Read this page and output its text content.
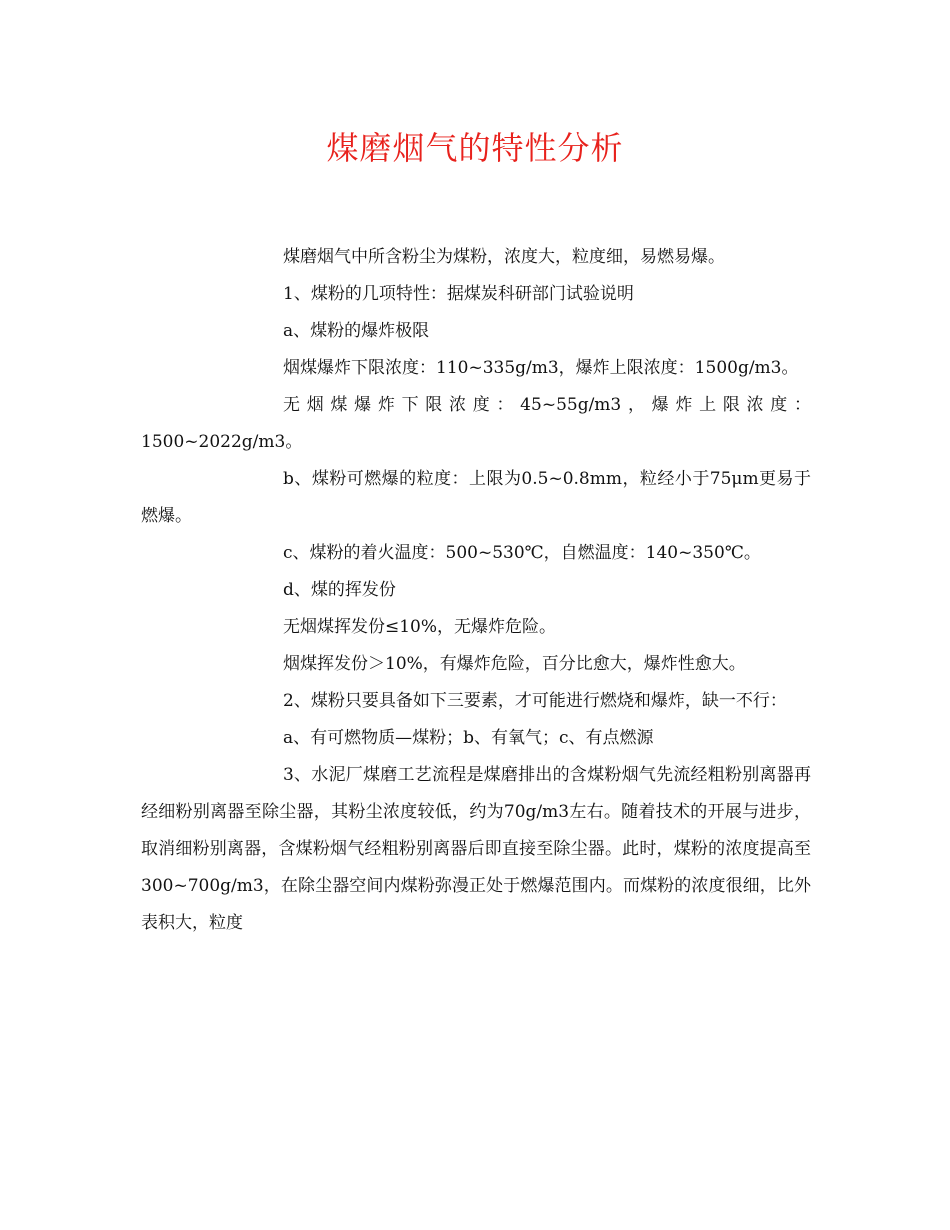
煤磨烟气的特性分析

煤磨烟气中所含粉尘为煤粉，浓度大，粒度细，易燃易爆。

1、煤粉的几项特性：据煤炭科研部门试验说明

a、煤粉的爆炸极限

烟煤爆炸下限浓度：110~335g/m3，爆炸上限浓度：1500g/m3。

无烟煤爆炸下限浓度：45~55g/m3，爆炸上限浓度：1500~2022g/m3。

b、煤粉可燃爆的粒度：上限为0.5~0.8mm，粒经小于75μm更易于燃爆。

c、煤粉的着火温度：500~530℃，自燃温度：140~350℃。

d、煤的挥发份

无烟煤挥发份≤10%，无爆炸危险。

烟煤挥发份＞10%，有爆炸危险，百分比愈大，爆炸性愈大。

2、煤粉只要具备如下三要素，才可能进行燃烧和爆炸，缺一不行：

a、有可燃物质—煤粉；b、有氧气；c、有点燃源

3、水泥厂煤磨工艺流程是煤磨排出的含煤粉烟气先流经粗粉别离器再经细粉别离器至除尘器，其粉尘浓度较低，约为70g/m3左右。随着技术的开展与进步，取消细粉别离器，含煤粉烟气经粗粉别离器后即直接至除尘器。此时，煤粉的浓度提高至300~700g/m3，在除尘器空间内煤粉弥漫正处于燃爆范围内。而煤粉的浓度很细，比外表积大，粒度
